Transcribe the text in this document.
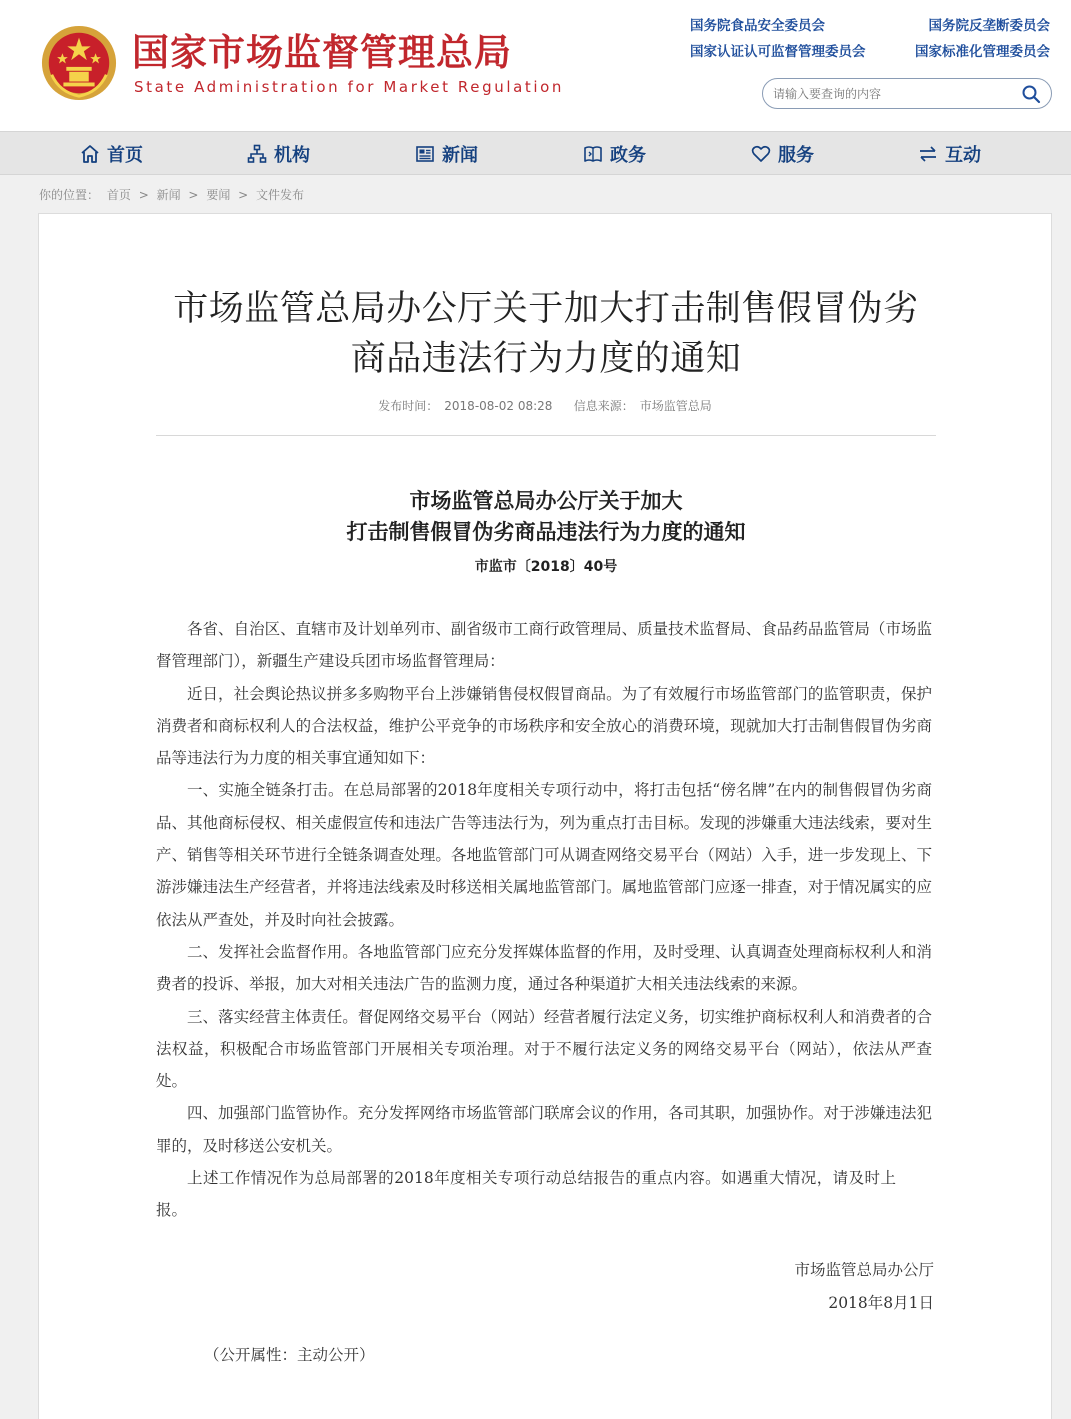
国家市场监督管理总局
State Administration for Market Regulation
国务院食品安全委员会	国务院反垄断委员会
国家认证认可监督管理委员会	国家标准化管理委员会
请输入要查询的内容
首页	机构	新闻	政务	服务	互动
你的位置： 首页 > 新闻 > 要闻 > 文件发布
市场监管总局办公厅关于加大打击制售假冒伪劣商品违法行为力度的通知
发布时间： 2018-08-02 08:28 信息来源： 市场监管总局
市场监管总局办公厅关于加大
打击制售假冒伪劣商品违法行为力度的通知
市监市〔2018〕40号

各省、自治区、直辖市及计划单列市、副省级市工商行政管理局、质量技术监督局、食品药品监管局（市场监督管理部门），新疆生产建设兵团市场监督管理局：

近日，社会舆论热议拼多多购物平台上涉嫌销售侵权假冒商品。为了有效履行市场监管部门的监管职责，保护消费者和商标权利人的合法权益，维护公平竞争的市场秩序和安全放心的消费环境，现就加大打击制售假冒伪劣商品等违法行为力度的相关事宜通知如下：

一、实施全链条打击。在总局部署的2018年度相关专项行动中，将打击包括“傍名牌”在内的制售假冒伪劣商品、其他商标侵权、相关虚假宣传和违法广告等违法行为，列为重点打击目标。发现的涉嫌重大违法线索，要对生产、销售等相关环节进行全链条调查处理。各地监管部门可从调查网络交易平台（网站）入手，进一步发现上、下游涉嫌违法生产经营者，并将违法线索及时移送相关属地监管部门。属地监管部门应逐一排查，对于情况属实的应依法从严查处，并及时向社会披露。

二、发挥社会监督作用。各地监管部门应充分发挥媒体监督的作用，及时受理、认真调查处理商标权利人和消费者的投诉、举报，加大对相关违法广告的监测力度，通过各种渠道扩大相关违法线索的来源。

三、落实经营主体责任。督促网络交易平台（网站）经营者履行法定义务，切实维护商标权利人和消费者的合法权益，积极配合市场监管部门开展相关专项治理。对于不履行法定义务的网络交易平台（网站），依法从严查处。

四、加强部门监管协作。充分发挥网络市场监管部门联席会议的作用，各司其职，加强协作。对于涉嫌违法犯罪的，及时移送公安机关。

上述工作情况作为总局部署的2018年度相关专项行动总结报告的重点内容。如遇重大情况，请及时上报。

市场监管总局办公厅
2018年8月1日
（公开属性：主动公开）
